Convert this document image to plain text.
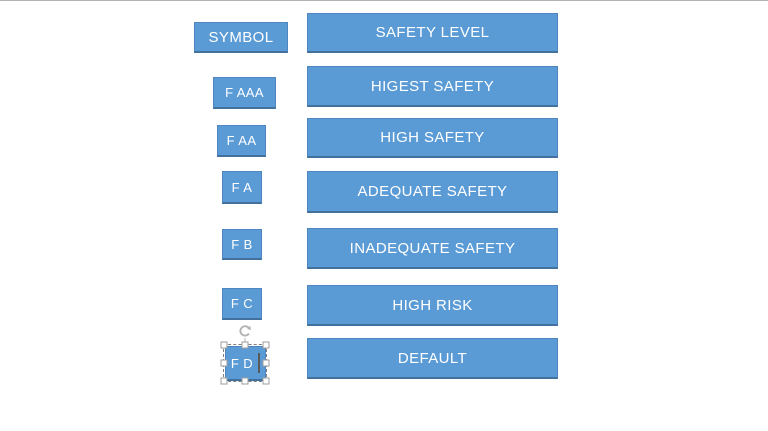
SYMBOL	SAFETY LEVEL
F AAA	HIGEST SAFETY
F AA	HIGH SAFETY
F A	ADEQUATE SAFETY
F B	INADEQUATE SAFETY
F C	HIGH RISK
F D	DEFAULT
